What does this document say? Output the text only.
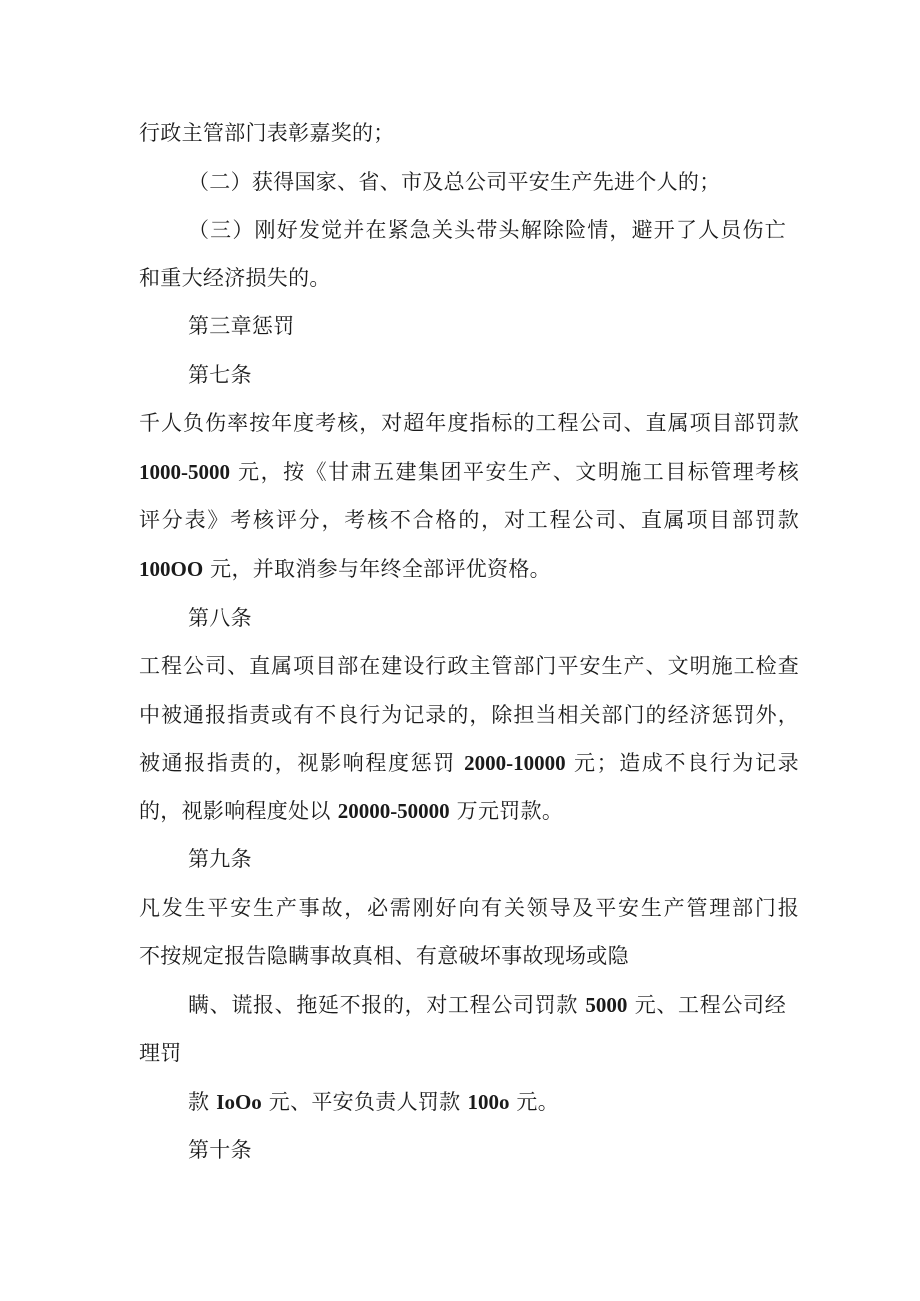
行政主管部门表彰嘉奖的；
（二）获得国家、省、市及总公司平安生产先进个人的；
（三）刚好发觉并在紧急关头带头解除险情，避开了人员伤亡
和重大经济损失的。
第三章惩罚
第七条
千人负伤率按年度考核，对超年度指标的工程公司、直属项目部罚款
1000-5000 元，按《甘肃五建集团平安生产、文明施工目标管理考核
评分表》考核评分，考核不合格的，对工程公司、直属项目部罚款
100OO 元，并取消参与年终全部评优资格。
第八条
工程公司、直属项目部在建设行政主管部门平安生产、文明施工检查
中被通报指责或有不良行为记录的，除担当相关部门的经济惩罚外，
被通报指责的，视影响程度惩罚 2000-10000 元；造成不良行为记录
的，视影响程度处以 20000-50000 万元罚款。
第九条
凡发生平安生产事故，必需刚好向有关领导及平安生产管理部门报
不按规定报告隐瞒事故真相、有意破坏事故现场或隐
瞒、谎报、拖延不报的，对工程公司罚款 5000 元、工程公司经
理罚
款 IoOo 元、平安负责人罚款 100o 元。
第十条
